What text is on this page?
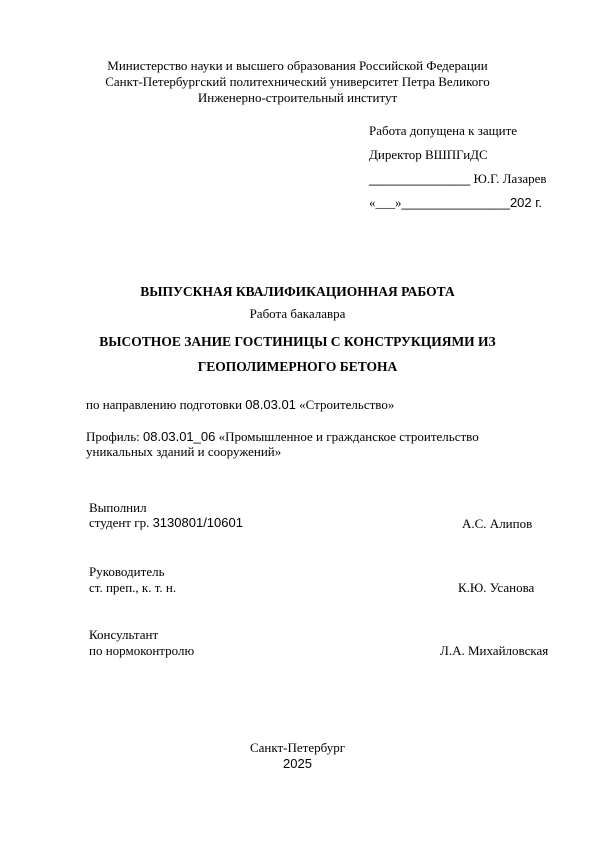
Министерство науки и высшего образования Российской Федерации
Санкт-Петербургский политехнический университет Петра Великого
Инженерно-строительный институт
Работа допущена к защите
Директор ВШПГиДС
______________ Ю.Г. Лазарев
«___»_______________202 г.
ВЫПУСКНАЯ КВАЛИФИКАЦИОННАЯ РАБОТА
Работа бакалавра
ВЫСОТНОЕ ЗАНИЕ ГОСТИНИЦЫ С КОНСТРУКЦИЯМИ ИЗ
ГЕОПОЛИМЕРНОГО БЕТОНА
по направлению подготовки 08.03.01 «Строительство»
Профиль: 08.03.01_06 «Промышленное и гражданское строительство
уникальных зданий и сооружений»
Выполнил
студент гр. 3130801/10601	А.С. Алипов
Руководитель
ст. преп., к. т. н.	К.Ю. Усанова
Консультант
по нормоконтролю	Л.А. Михайловская
Санкт-Петербург
2025
